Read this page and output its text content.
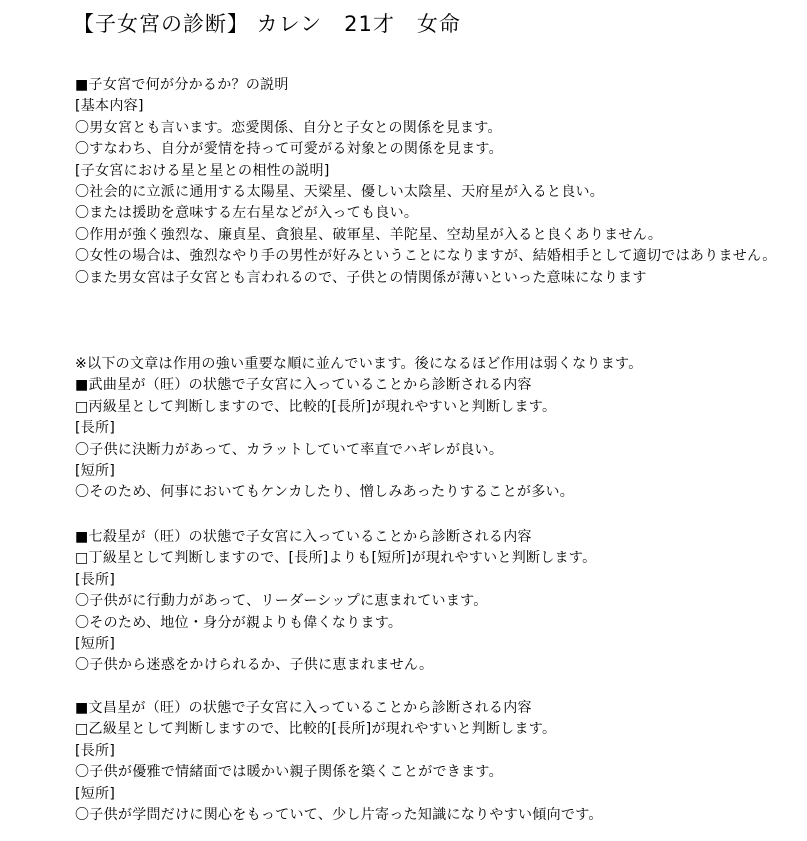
【子女宮の診断】 カレン　21才　女命
■子女宮で何が分かるか？の説明
[基本内容]
〇男女宮とも言います。恋愛関係、自分と子女との関係を見ます。
〇すなわち、自分が愛情を持って可愛がる対象との関係を見ます。
[子女宮における星と星との相性の説明]
〇社会的に立派に通用する太陽星、天梁星、優しい太陰星、天府星が入ると良い。
〇または援助を意味する左右星などが入っても良い。
〇作用が強く強烈な、廉貞星、貪狼星、破軍星、羊陀星、空劫星が入ると良くありません。
〇女性の場合は、強烈なやり手の男性が好みということになりますが、結婚相手として適切ではありません。
〇また男女宮は子女宮とも言われるので、子供との情関係が薄いといった意味になります
※以下の文章は作用の強い重要な順に並んでいます。後になるほど作用は弱くなります。
■武曲星が（旺）の状態で子女宮に入っていることから診断される内容
□丙級星として判断しますので、比較的[長所]が現れやすいと判断します。
[長所]
〇子供に決断力があって、カラットしていて率直でハギレが良い。
[短所]
〇そのため、何事においてもケンカしたり、憎しみあったりすることが多い。
■七殺星が（旺）の状態で子女宮に入っていることから診断される内容
□丁級星として判断しますので、[長所]よりも[短所]が現れやすいと判断します。
[長所]
〇子供がに行動力があって、リーダーシップに恵まれています。
〇そのため、地位・身分が親よりも偉くなります。
[短所]
〇子供から迷惑をかけられるか、子供に恵まれません。
■文昌星が（旺）の状態で子女宮に入っていることから診断される内容
□乙級星として判断しますので、比較的[長所]が現れやすいと判断します。
[長所]
〇子供が優雅で情緒面では暖かい親子関係を築くことができます。
[短所]
〇子供が学問だけに関心をもっていて、少し片寄った知識になりやすい傾向です。
